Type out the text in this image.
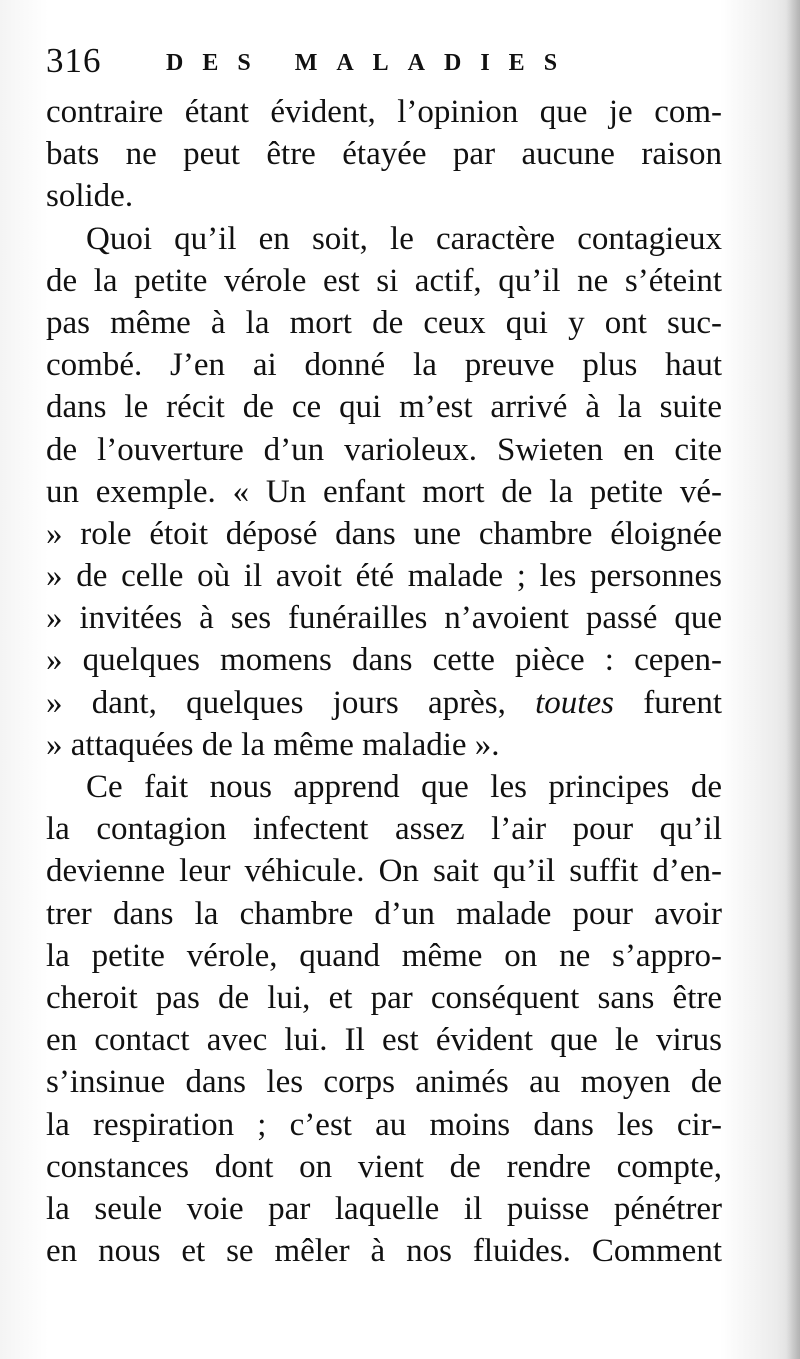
316	DES MALADIES
contraire étant évident, l’opinion que je com-
bats ne peut être étayée par aucune raison
solide.
Quoi qu’il en soit, le caractère contagieux
de la petite vérole est si actif, qu’il ne s’éteint
pas même à la mort de ceux qui y ont suc-
combé. J’en ai donné la preuve plus haut
dans le récit de ce qui m’est arrivé à la suite
de l’ouverture d’un varioleux. Swieten en cite
un exemple. « Un enfant mort de la petite vé-
» role étoit déposé dans une chambre éloignée
» de celle où il avoit été malade ; les personnes
» invitées à ses funérailles n’avoient passé que
» quelques momens dans cette pièce : cepen-
» dant, quelques jours après, toutes furent
» attaquées de la même maladie ».
Ce fait nous apprend que les principes de
la contagion infectent assez l’air pour qu’il
devienne leur véhicule. On sait qu’il suffit d’en-
trer dans la chambre d’un malade pour avoir
la petite vérole, quand même on ne s’appro-
cheroit pas de lui, et par conséquent sans être
en contact avec lui. Il est évident que le virus
s’insinue dans les corps animés au moyen de
la respiration ; c’est au moins dans les cir-
constances dont on vient de rendre compte,
la seule voie par laquelle il puisse pénétrer
en nous et se mêler à nos fluides. Comment
